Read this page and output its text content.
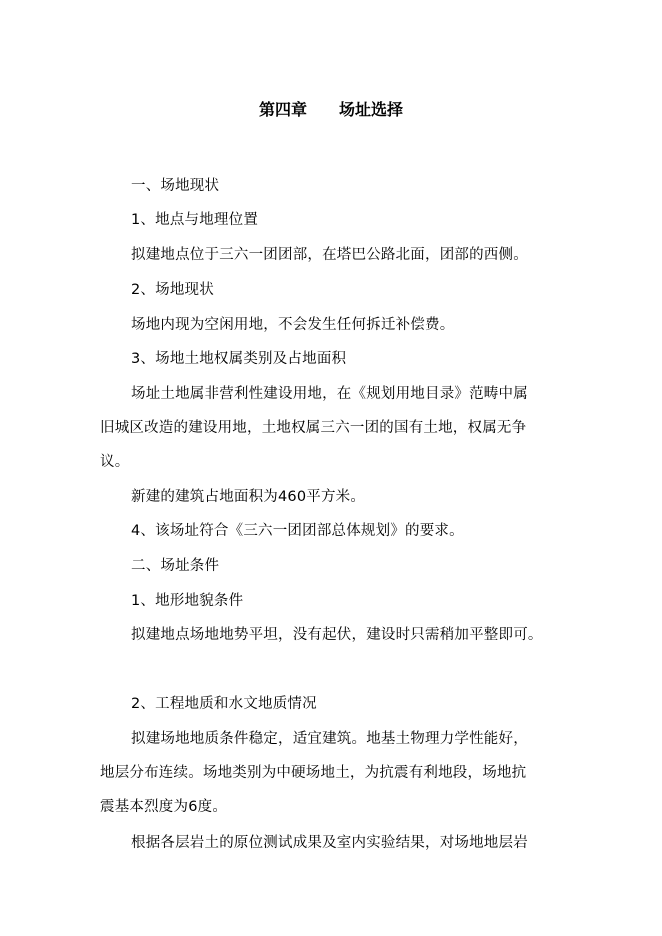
第四章　　场址选择
一、场地现状
1、地点与地理位置
拟建地点位于三六一团团部，在塔巴公路北面，团部的西侧。
2、场地现状
场地内现为空闲用地，不会发生任何拆迁补偿费。
3、场地土地权属类别及占地面积
场址土地属非营利性建设用地，在《规划用地目录》范畴中属
旧城区改造的建设用地，土地权属三六一团的国有土地，权属无争
议。
新建的建筑占地面积为460平方米。
4、该场址符合《三六一团团部总体规划》的要求。
二、场址条件
1、地形地貌条件
拟建地点场地地势平坦，没有起伏，建设时只需稍加平整即可。
2、工程地质和水文地质情况
拟建场地地质条件稳定，适宜建筑。地基土物理力学性能好，
地层分布连续。场地类别为中硬场地土，为抗震有利地段，场地抗
震基本烈度为6度。
根据各层岩土的原位测试成果及室内实验结果，对场地地层岩
